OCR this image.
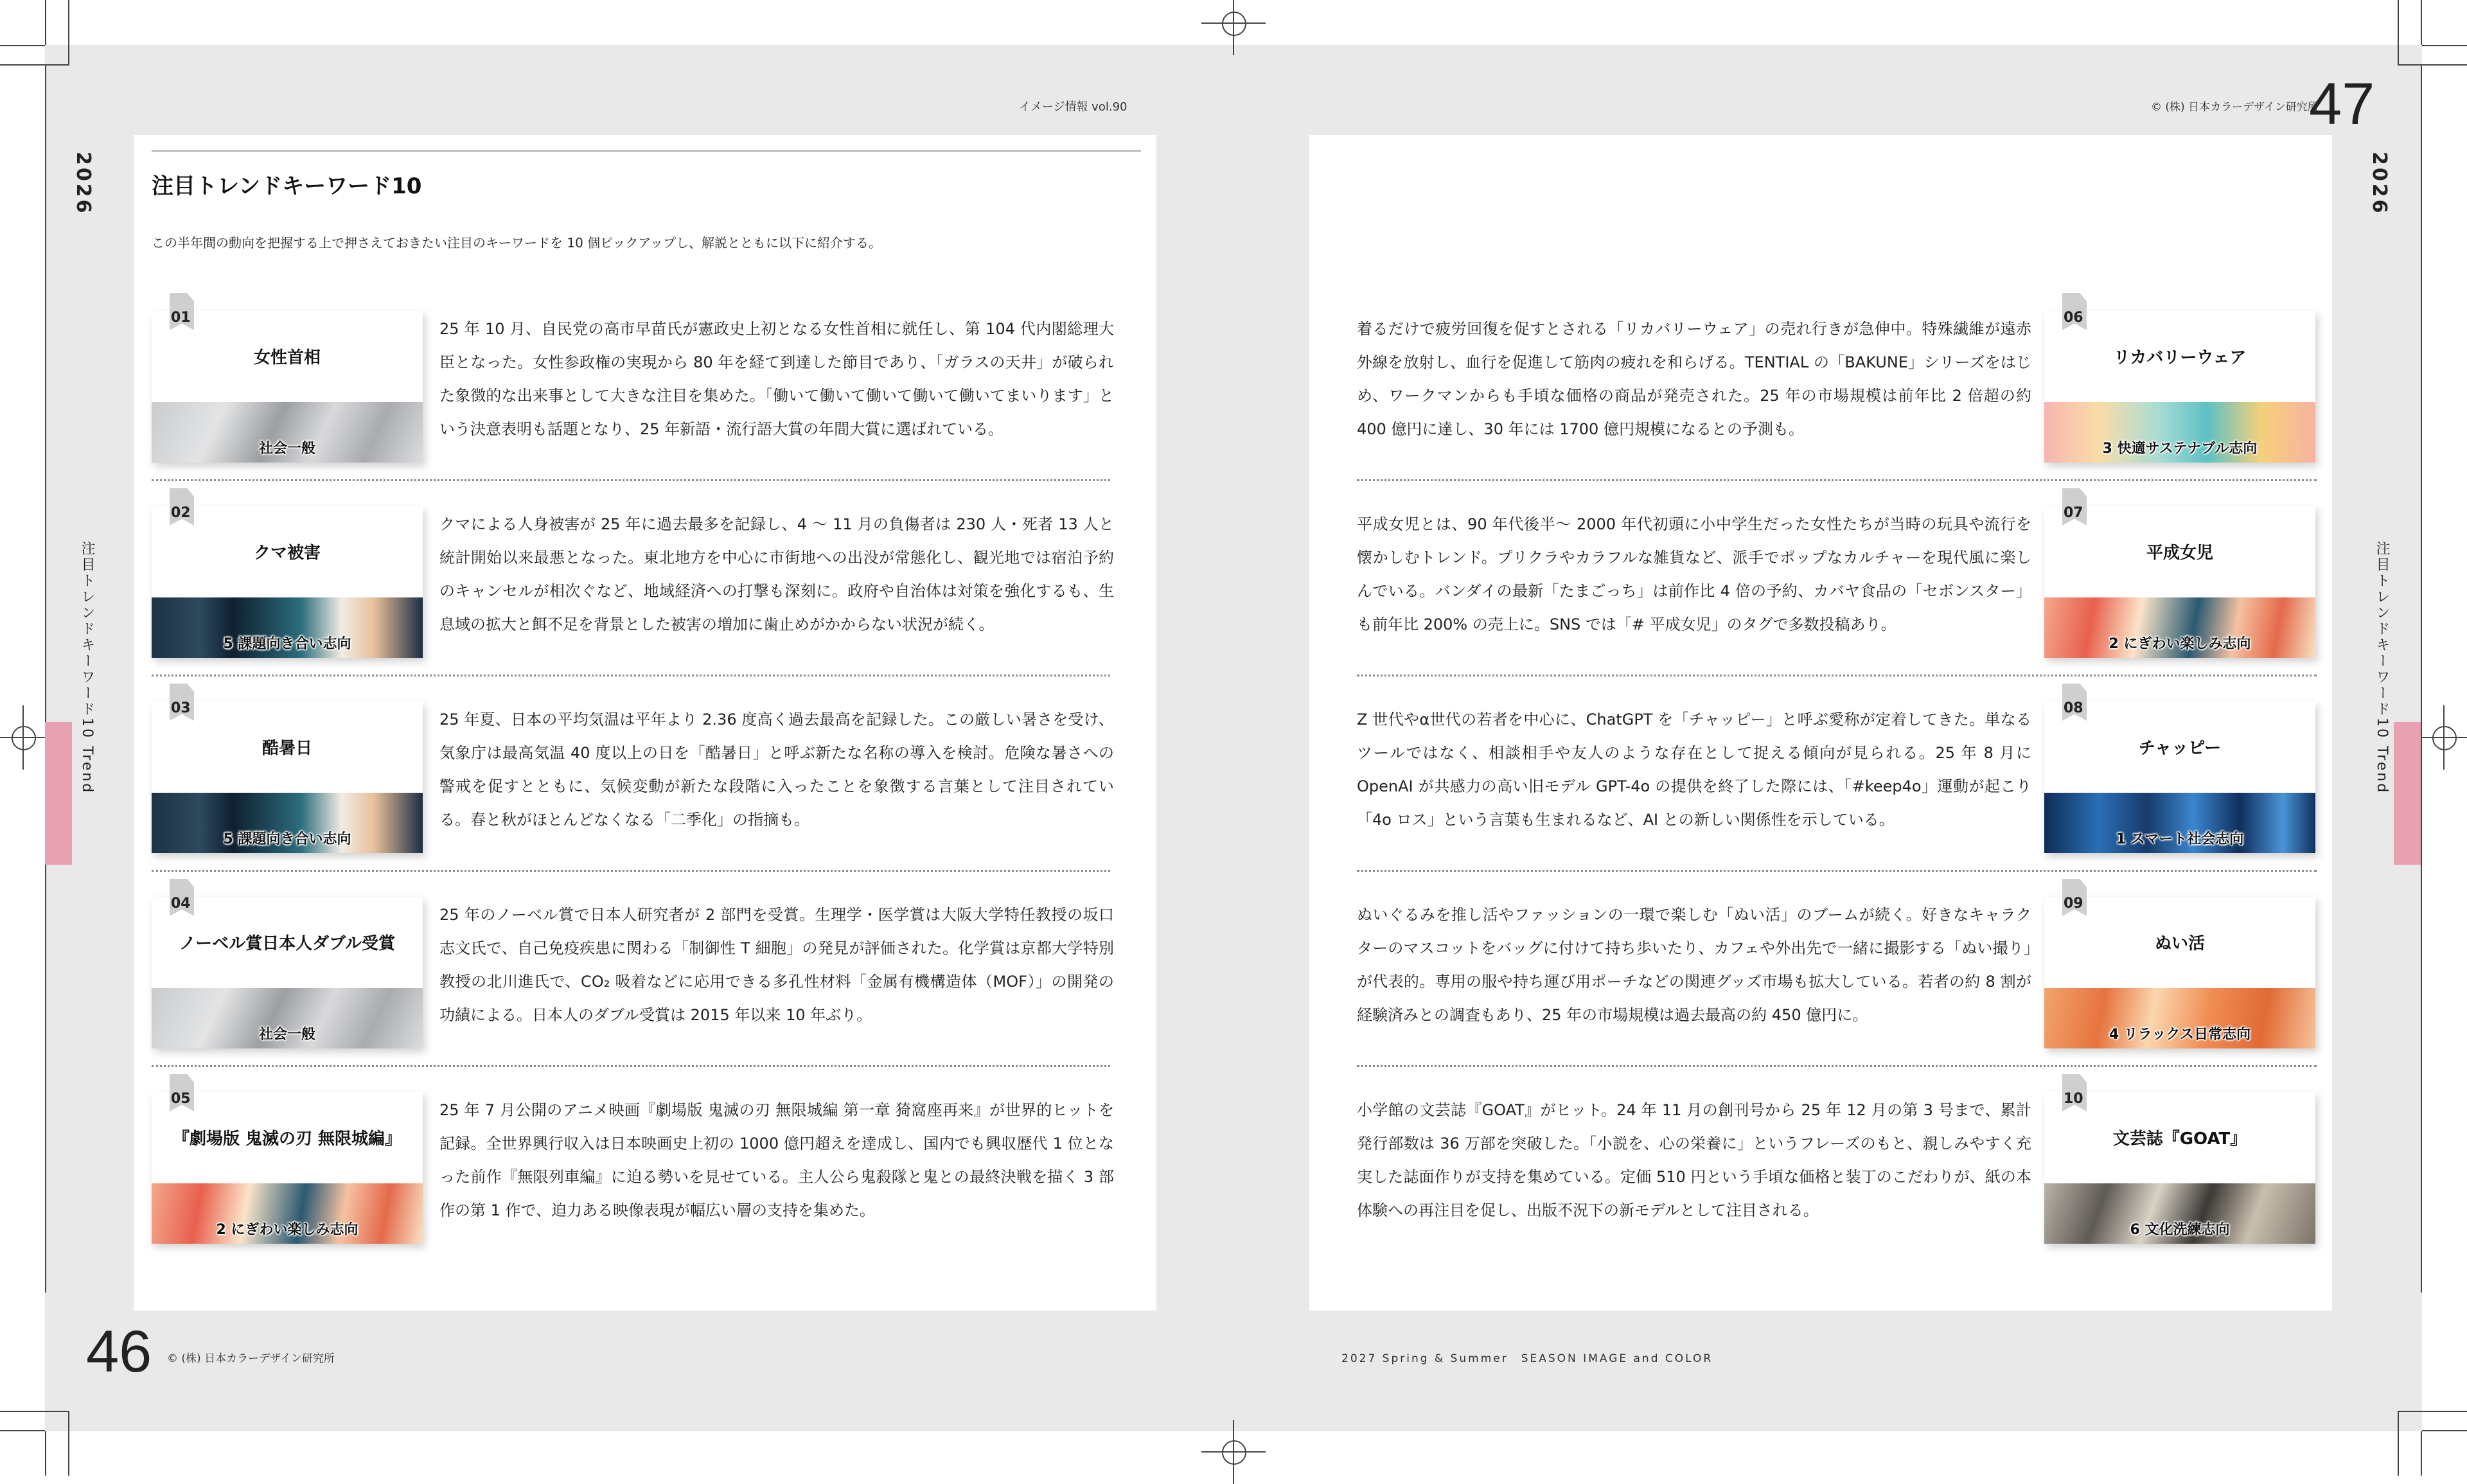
イメージ情報 vol.90
2026
注目トレンドキーワード10 Trend
46 © (株) 日本カラーデザイン研究所
© (株) 日本カラーデザイン研究所
47
2026
注目トレンドキーワード10 Trend
2027 Spring & Summer　SEASON IMAGE and COLOR
注目トレンドキーワード10
この半年間の動向を把握する上で押さえておきたい注目のキーワードを 10 個ピックアップし、解説とともに以下に紹介する。
01
女性首相
社会一般
25 年 10 月、自民党の高市早苗氏が憲政史上初となる女性首相に就任し、第 104 代内閣総理大臣となった。女性参政権の実現から 80 年を経て到達した節目であり、「ガラスの天井」が破られた象徴的な出来事として大きな注目を集めた。「働いて働いて働いて働いて働いてまいります」という決意表明も話題となり、25 年新語・流行語大賞の年間大賞に選ばれている。
02
クマ被害
5 課題向き合い志向
クマによる人身被害が 25 年に過去最多を記録し、4 〜 11 月の負傷者は 230 人・死者 13 人と統計開始以来最悪となった。東北地方を中心に市街地への出没が常態化し、観光地では宿泊予約のキャンセルが相次ぐなど、地域経済への打撃も深刻に。政府や自治体は対策を強化するも、生息域の拡大と餌不足を背景とした被害の増加に歯止めがかからない状況が続く。
03
酷暑日
5 課題向き合い志向
25 年夏、日本の平均気温は平年より 2.36 度高く過去最高を記録した。この厳しい暑さを受け、気象庁は最高気温 40 度以上の日を「酷暑日」と呼ぶ新たな名称の導入を検討。危険な暑さへの警戒を促すとともに、気候変動が新たな段階に入ったことを象徴する言葉として注目されている。春と秋がほとんどなくなる「二季化」の指摘も。
04
ノーベル賞日本人ダブル受賞
社会一般
25 年のノーベル賞で日本人研究者が 2 部門を受賞。生理学・医学賞は大阪大学特任教授の坂口志文氏で、自己免疫疾患に関わる「制御性 T 細胞」の発見が評価された。化学賞は京都大学特別教授の北川進氏で、CO₂ 吸着などに応用できる多孔性材料「金属有機構造体（MOF）」の開発の功績による。日本人のダブル受賞は 2015 年以来 10 年ぶり。
05
『劇場版 鬼滅の刃 無限城編』
2 にぎわい楽しみ志向
25 年 7 月公開のアニメ映画『劇場版 鬼滅の刃 無限城編 第一章 猗窩座再来』が世界的ヒットを記録。全世界興行収入は日本映画史上初の 1000 億円超えを達成し、国内でも興収歴代 1 位となった前作『無限列車編』に迫る勢いを見せている。主人公ら鬼殺隊と鬼との最終決戦を描く 3 部作の第 1 作で、迫力ある映像表現が幅広い層の支持を集めた。
着るだけで疲労回復を促すとされる「リカバリーウェア」の売れ行きが急伸中。特殊繊維が遠赤外線を放射し、血行を促進して筋肉の疲れを和らげる。TENTIAL の「BAKUNE」シリーズをはじめ、ワークマンからも手頃な価格の商品が発売された。25 年の市場規模は前年比 2 倍超の約 400 億円に達し、30 年には 1700 億円規模になるとの予測も。
06
リカバリーウェア
3 快適サステナブル志向
平成女児とは、90 年代後半〜 2000 年代初頭に小中学生だった女性たちが当時の玩具や流行を懐かしむトレンド。プリクラやカラフルな雑貨など、派手でポップなカルチャーを現代風に楽しんでいる。バンダイの最新「たまごっち」は前作比 4 倍の予約、カバヤ食品の「セボンスター」も前年比 200% の売上に。SNS では「# 平成女児」のタグで多数投稿あり。
07
平成女児
2 にぎわい楽しみ志向
Z 世代やα世代の若者を中心に、ChatGPT を「チャッピー」と呼ぶ愛称が定着してきた。単なるツールではなく、相談相手や友人のような存在として捉える傾向が見られる。25 年 8 月に OpenAI が共感力の高い旧モデル GPT-4o の提供を終了した際には、「#keep4o」運動が起こり「4o ロス」という言葉も生まれるなど、AI との新しい関係性を示している。
08
チャッピー
1 スマート社会志向
ぬいぐるみを推し活やファッションの一環で楽しむ「ぬい活」のブームが続く。好きなキャラクターのマスコットをバッグに付けて持ち歩いたり、カフェや外出先で一緒に撮影する「ぬい撮り」が代表的。専用の服や持ち運び用ポーチなどの関連グッズ市場も拡大している。若者の約 8 割が経験済みとの調査もあり、25 年の市場規模は過去最高の約 450 億円に。
09
ぬい活
4 リラックス日常志向
小学館の文芸誌『GOAT』がヒット。24 年 11 月の創刊号から 25 年 12 月の第 3 号まで、累計発行部数は 36 万部を突破した。「小説を、心の栄養に」というフレーズのもと、親しみやすく充実した誌面作りが支持を集めている。定価 510 円という手頃な価格と装丁のこだわりが、紙の本体験への再注目を促し、出版不況下の新モデルとして注目される。
10
文芸誌『GOAT』
6 文化洗練志向
